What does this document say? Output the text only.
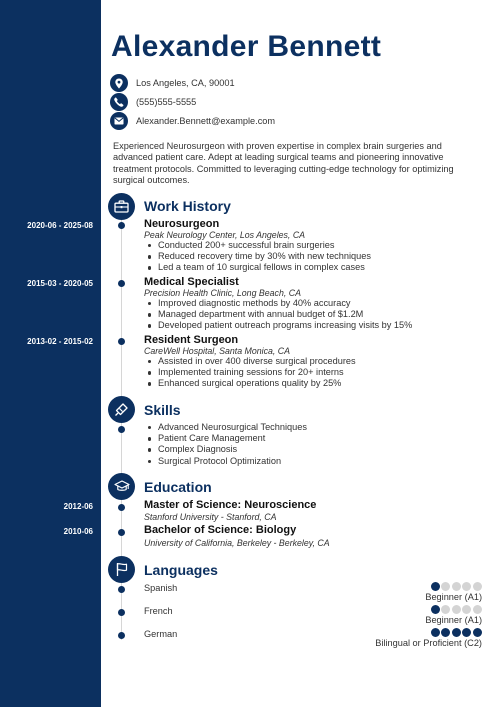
Alexander Bennett
Los Angeles, CA, 90001
(555)555-5555
Alexander.Bennett@example.com
Experienced Neurosurgeon with proven expertise in complex brain surgeries and advanced patient care. Adept at leading surgical teams and pioneering innovative treatment protocols. Committed to leveraging cutting-edge technology for optimizing surgical outcomes.
Work History
2020-06 - 2025-08	Neurosurgeon
Peak Neurology Center, Los Angeles, CA
Conducted 200+ successful brain surgeries
Reduced recovery time by 30% with new techniques
Led a team of 10 surgical fellows in complex cases
2015-03 - 2020-05	Medical Specialist
Precision Health Clinic, Long Beach, CA
Improved diagnostic methods by 40% accuracy
Managed department with annual budget of $1.2M
Developed patient outreach programs increasing visits by 15%
2013-02 - 2015-02	Resident Surgeon
CareWell Hospital, Santa Monica, CA
Assisted in over 400 diverse surgical procedures
Implemented training sessions for 20+ interns
Enhanced surgical operations quality by 25%
Skills
Advanced Neurosurgical Techniques
Patient Care Management
Complex Diagnosis
Surgical Protocol Optimization
Education
2012-06	Master of Science: Neuroscience
Stanford University - Stanford, CA
2010-06	Bachelor of Science: Biology
University of California, Berkeley - Berkeley, CA
Languages
Spanish
Beginner (A1)
French
Beginner (A1)
German
Bilingual or Proficient (C2)
